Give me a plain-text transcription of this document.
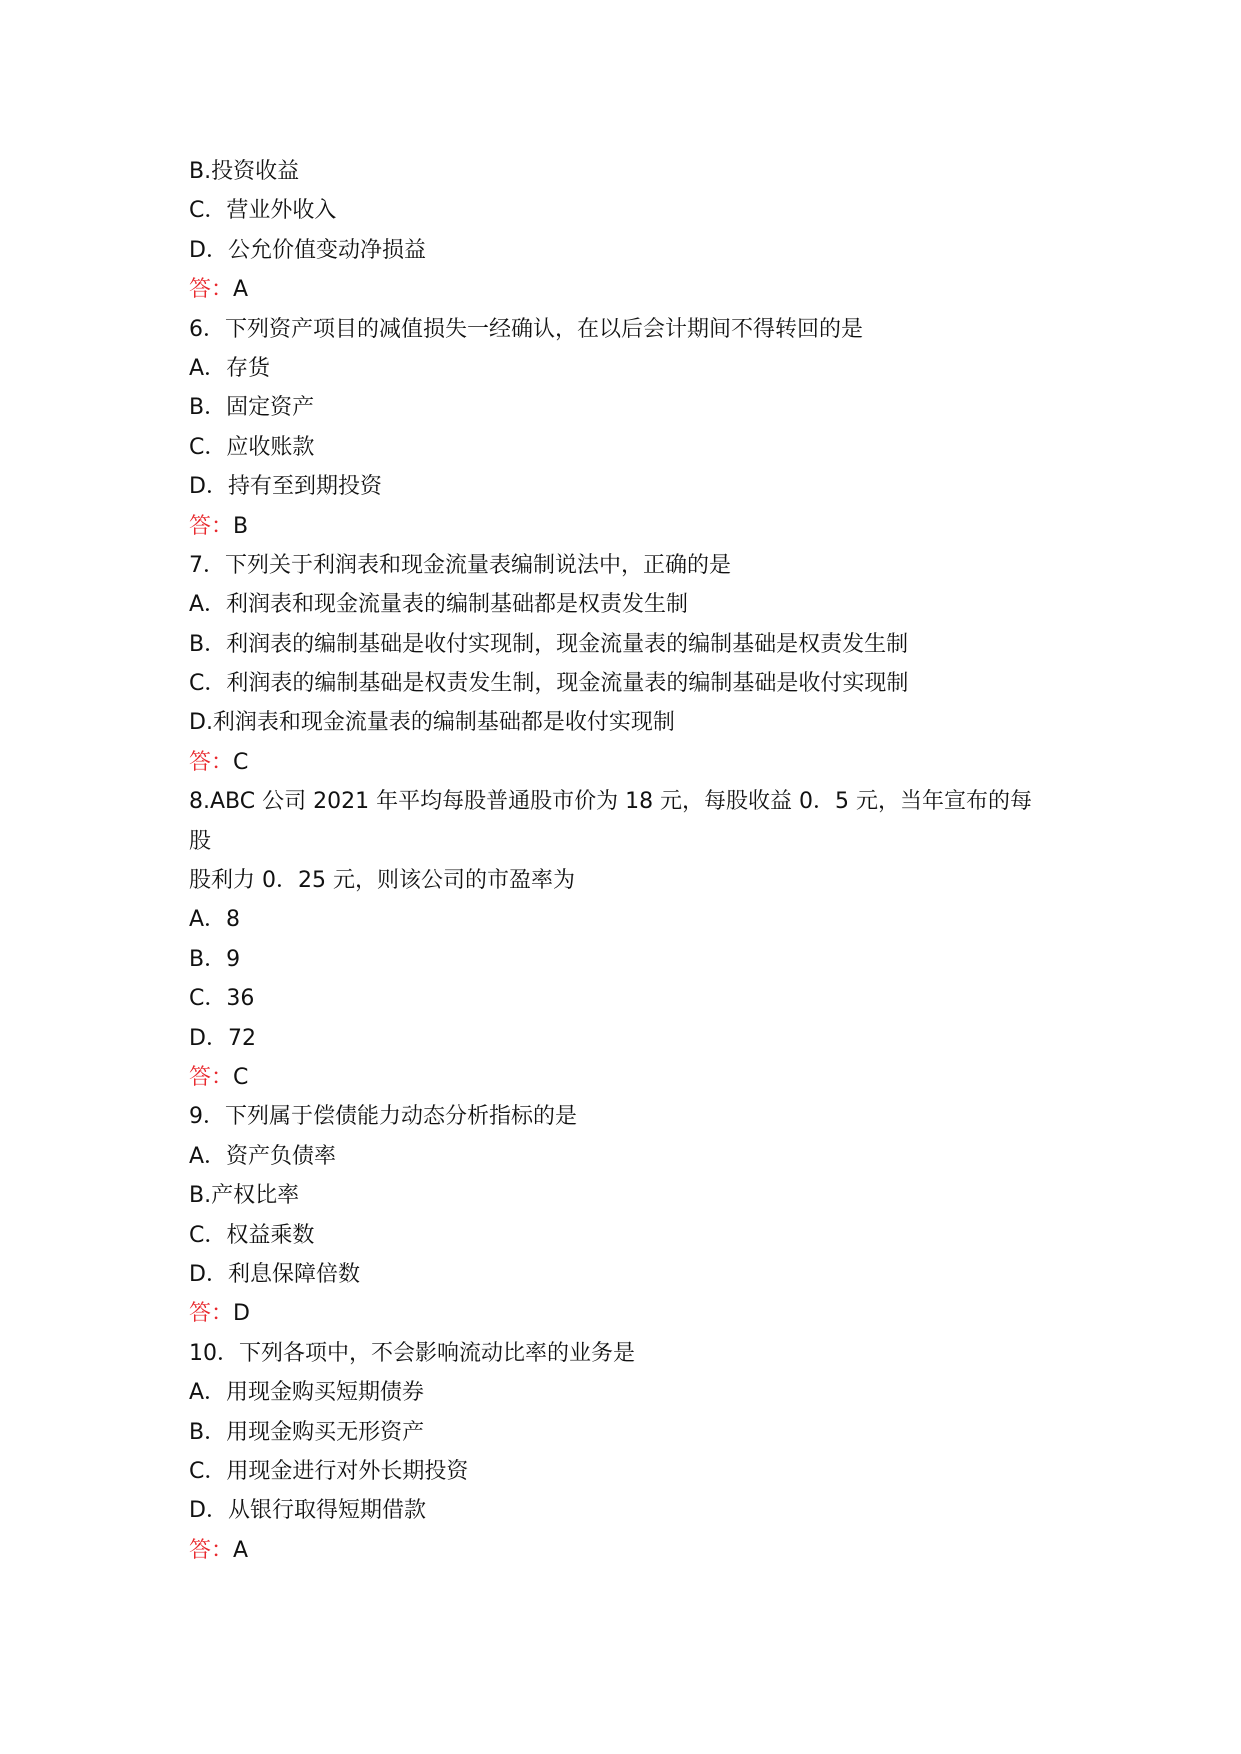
B.投资收益
C．营业外收入
D．公允价值变动净损益
答：A
6．下列资产项目的减值损失一经确认，在以后会计期间不得转回的是
A．存货
B．固定资产
C．应收账款
D．持有至到期投资
答：B
7．下列关于利润表和现金流量表编制说法中，正确的是
A．利润表和现金流量表的编制基础都是权责发生制
B．利润表的编制基础是收付实现制，现金流量表的编制基础是权责发生制
C．利润表的编制基础是权责发生制，现金流量表的编制基础是收付实现制
D.利润表和现金流量表的编制基础都是收付实现制
答：C
8.ABC 公司 2021 年平均每股普通股市价为 18 元，每股收益 0．5 元，当年宣布的每
股
股利力 0．25 元，则该公司的市盈率为
A．8
B．9
C．36
D．72
答：C
9．下列属于偿债能力动态分析指标的是
A．资产负债率
B.产权比率
C．权益乘数
D．利息保障倍数
答：D
10．下列各项中，不会影响流动比率的业务是
A．用现金购买短期债券
B．用现金购买无形资产
C．用现金进行对外长期投资
D．从银行取得短期借款
答：A
